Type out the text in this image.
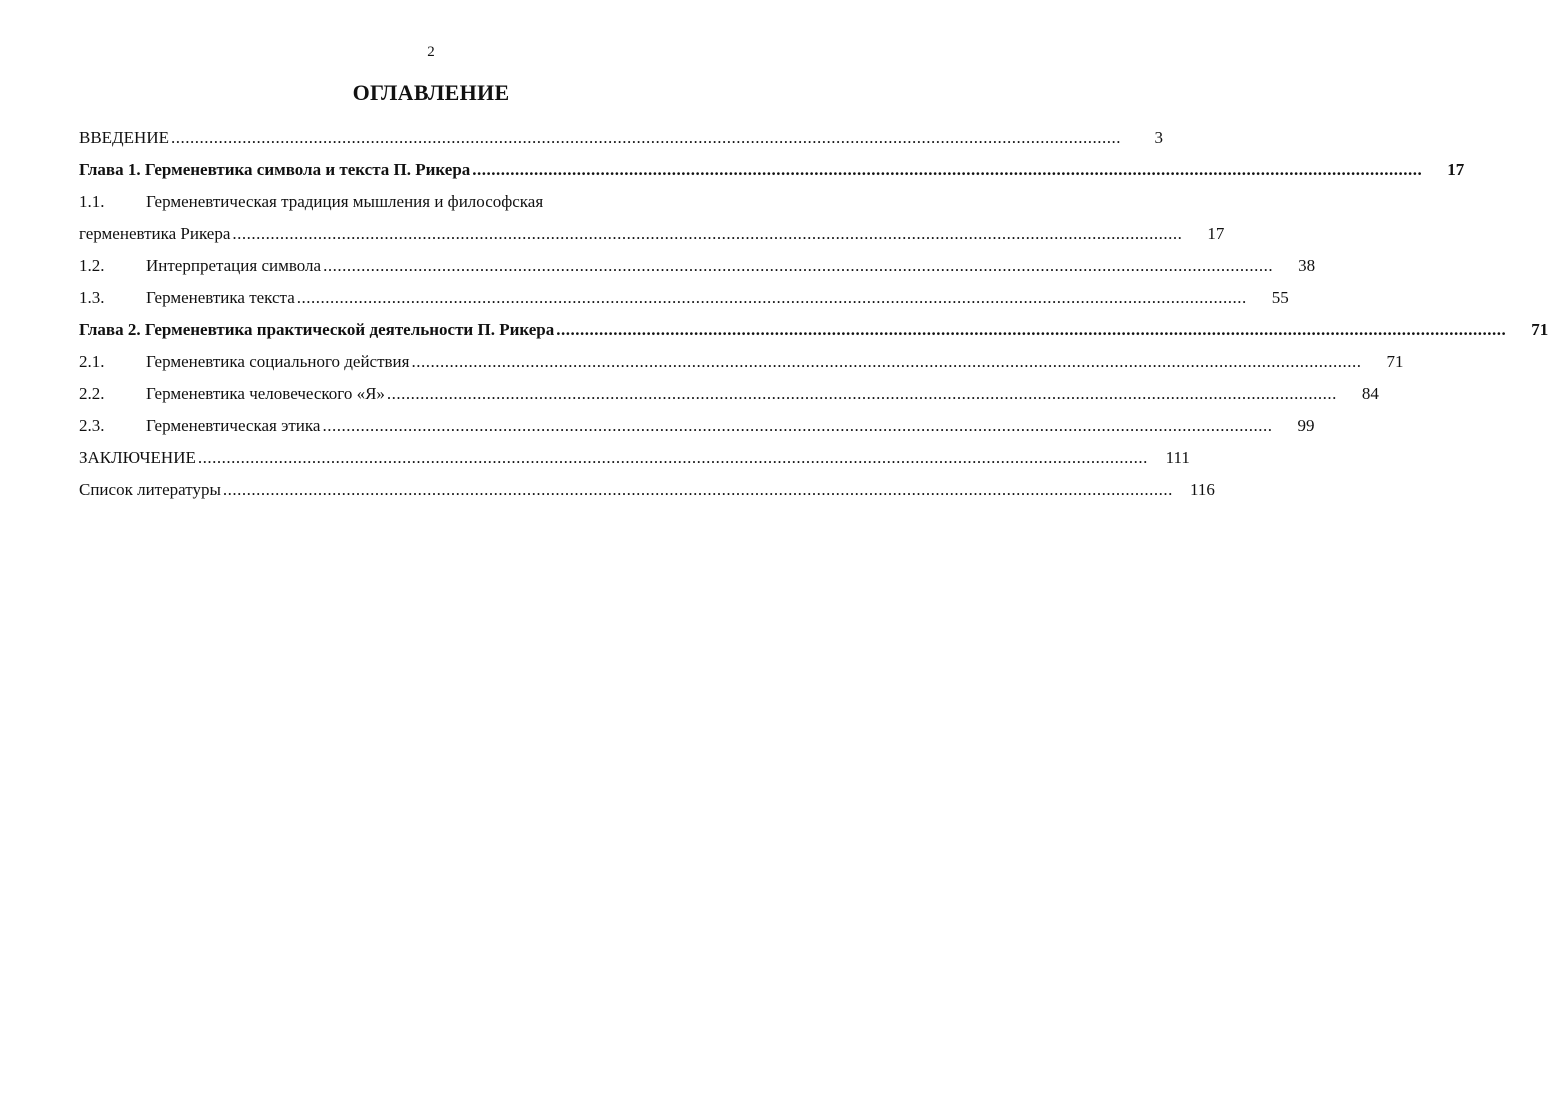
2
ОГЛАВЛЕНИЕ
ВВЕДЕНИЕ ........................................................................................................................................................................................................	3
Глава 1. Герменевтика символа и текста П. Рикера ........................................................................................................................................................................................................	17
1.1.	Герменевтическая традиция мышления и философская
герменевтика Рикера ........................................................................................................................................................................................................	17
1.2.	Интерпретация символа ........................................................................................................................................................................................................	38
1.3.	Герменевтика текста ........................................................................................................................................................................................................	55
Глава 2. Герменевтика практической деятельности П. Рикера ........................................................................................................................................................................................................	71
2.1.	Герменевтика социального действия ........................................................................................................................................................................................................	71
2.2.	Герменевтика человеческого «Я» ........................................................................................................................................................................................................	84
2.3.	Герменевтическая этика ........................................................................................................................................................................................................	99
ЗАКЛЮЧЕНИЕ ........................................................................................................................................................................................................	111
Список литературы ........................................................................................................................................................................................................	116
